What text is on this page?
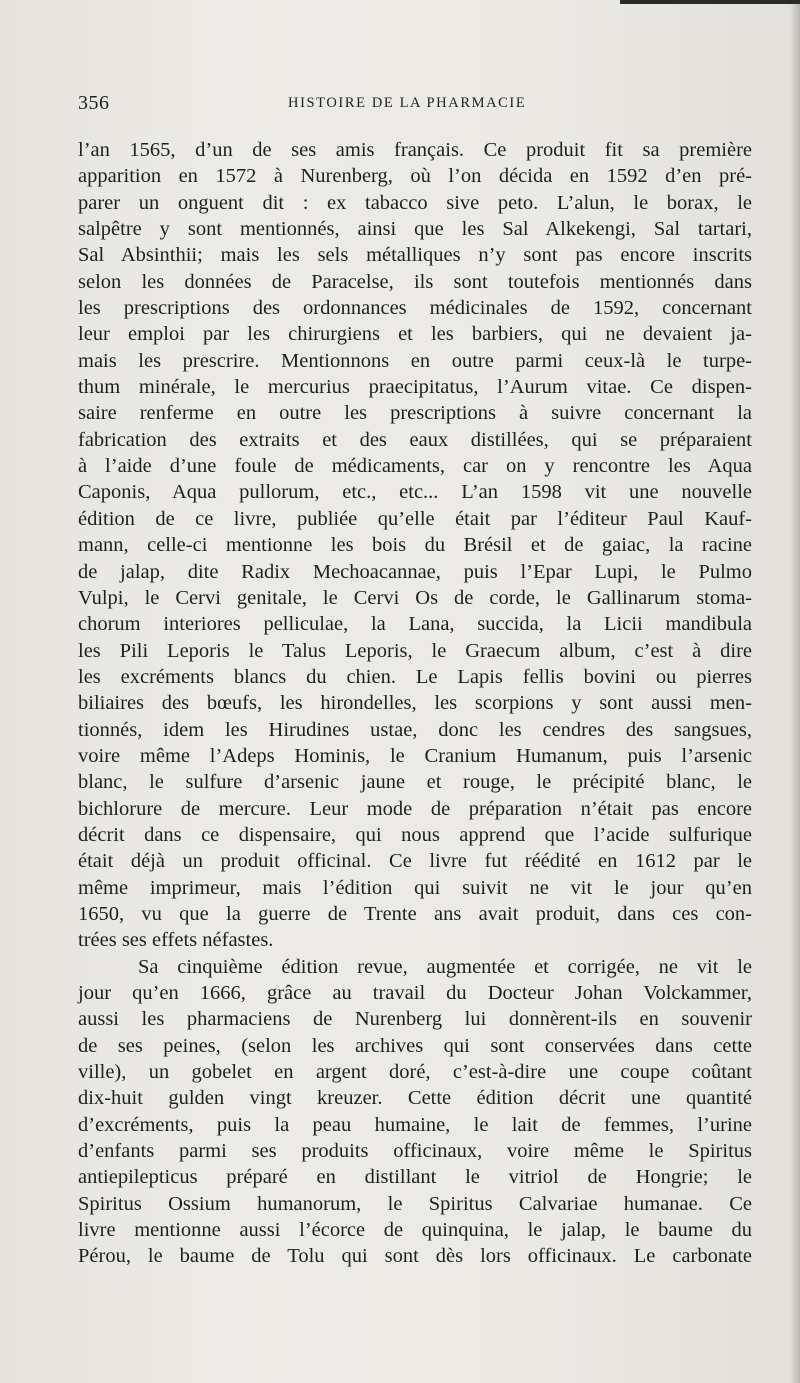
356	HISTOIRE DE LA PHARMACIE
l’an 1565, d’un de ses amis français. Ce produit fit sa première
apparition en 1572 à Nurenberg, où l’on décida en 1592 d’en pré-
parer un onguent dit : ex tabacco sive peto. L’alun, le borax, le
salpêtre y sont mentionnés, ainsi que les Sal Alkekengi, Sal tartari,
Sal Absinthii; mais les sels métalliques n’y sont pas encore inscrits
selon les données de Paracelse, ils sont toutefois mentionnés dans
les prescriptions des ordonnances médicinales de 1592, concernant
leur emploi par les chirurgiens et les barbiers, qui ne devaient ja-
mais les prescrire. Mentionnons en outre parmi ceux-là le turpe-
thum minérale, le mercurius praecipitatus, l’Aurum vitae. Ce dispen-
saire renferme en outre les prescriptions à suivre concernant la
fabrication des extraits et des eaux distillées, qui se préparaient
à l’aide d’une foule de médicaments, car on y rencontre les Aqua
Caponis, Aqua pullorum, etc., etc... L’an 1598 vit une nouvelle
édition de ce livre, publiée qu’elle était par l’éditeur Paul Kauf-
mann, celle-ci mentionne les bois du Brésil et de gaiac, la racine
de jalap, dite Radix Mechoacannae, puis l’Epar Lupi, le Pulmo
Vulpi, le Cervi genitale, le Cervi Os de corde, le Gallinarum stoma-
chorum interiores pelliculae, la Lana, succida, la Licii mandibula
les Pili Leporis le Talus Leporis, le Graecum album, c’est à dire
les excréments blancs du chien. Le Lapis fellis bovini ou pierres
biliaires des bœufs, les hirondelles, les scorpions y sont aussi men-
tionnés, idem les Hirudines ustae, donc les cendres des sangsues,
voire même l’Adeps Hominis, le Cranium Humanum, puis l’arsenic
blanc, le sulfure d’arsenic jaune et rouge, le précipité blanc, le
bichlorure de mercure. Leur mode de préparation n’était pas encore
décrit dans ce dispensaire, qui nous apprend que l’acide sulfurique
était déjà un produit officinal. Ce livre fut réédité en 1612 par le
même imprimeur, mais l’édition qui suivit ne vit le jour qu’en
1650, vu que la guerre de Trente ans avait produit, dans ces con-
trées ses effets néfastes.
Sa cinquième édition revue, augmentée et corrigée, ne vit le
jour qu’en 1666, grâce au travail du Docteur Johan Volckammer,
aussi les pharmaciens de Nurenberg lui donnèrent-ils en souvenir
de ses peines, (selon les archives qui sont conservées dans cette
ville), un gobelet en argent doré, c’est-à-dire une coupe coûtant
dix-huit gulden vingt kreuzer. Cette édition décrit une quantité
d’excréments, puis la peau humaine, le lait de femmes, l’urine
d’enfants parmi ses produits officinaux, voire même le Spiritus
antiepilepticus préparé en distillant le vitriol de Hongrie; le
Spiritus Ossium humanorum, le Spiritus Calvariae humanae. Ce
livre mentionne aussi l’écorce de quinquina, le jalap, le baume du
Pérou, le baume de Tolu qui sont dès lors officinaux. Le carbonate
